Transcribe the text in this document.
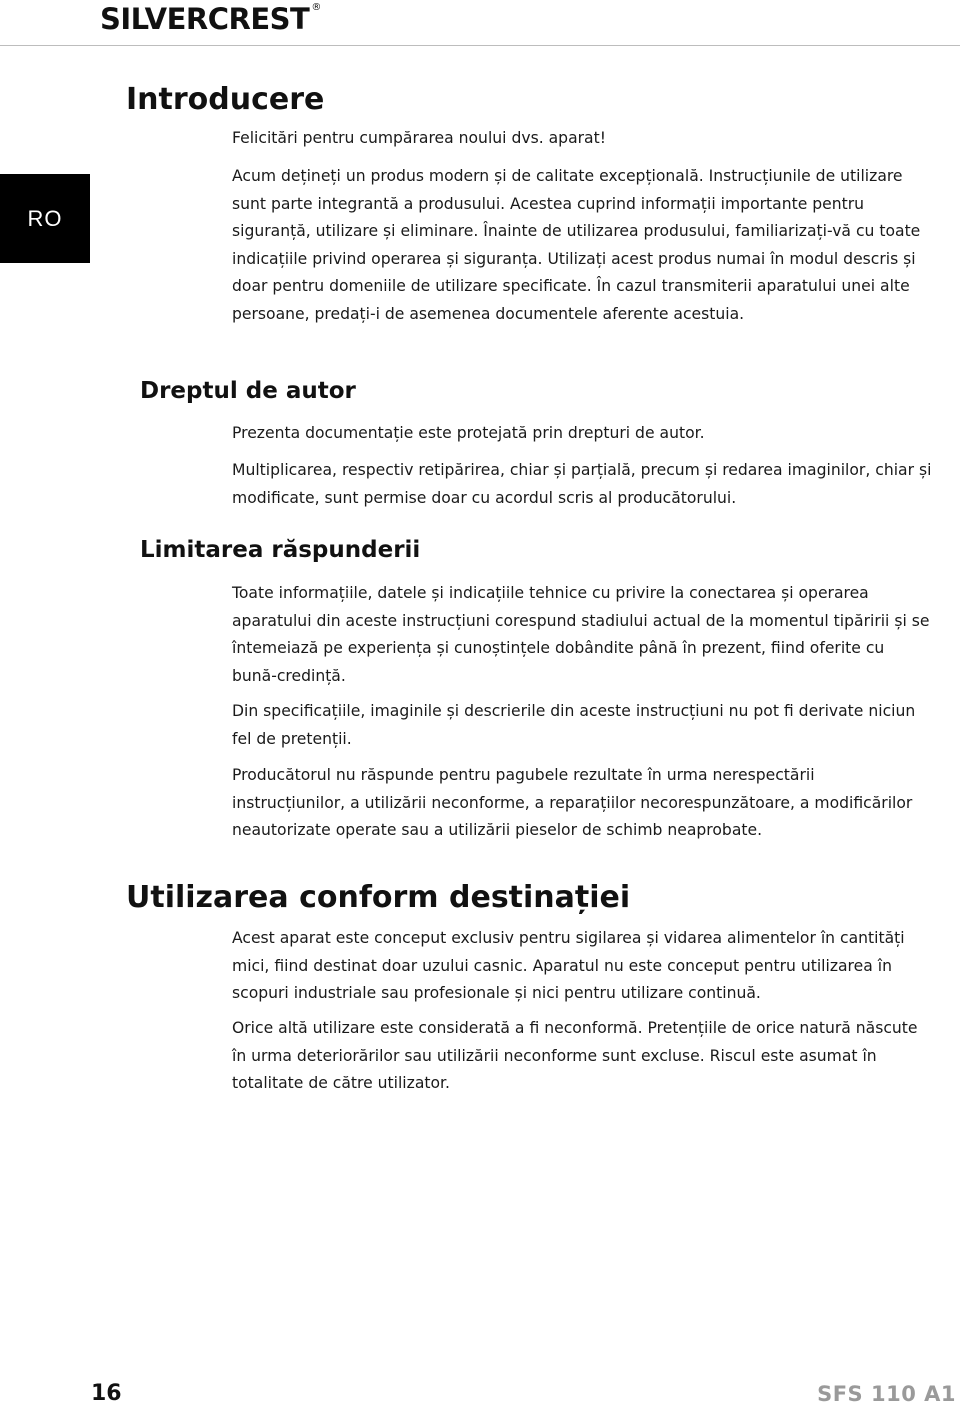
SILVERCREST ®
RO
Introducere

Felicitări pentru cumpărarea noului dvs. aparat!

Acum dețineți un produs modern și de calitate excepțională. Instrucțiunile de utilizare sunt parte integrantă a produsului. Acestea cuprind informații importante pentru siguranță, utilizare și eliminare. Înainte de utilizarea produsului, familiarizați-vă cu toate indicațiile privind operarea și siguranța. Utilizați acest produs numai în modul descris și doar pentru domeniile de utilizare specificate. În cazul transmiterii aparatului unei alte persoane, predați-i de asemenea documentele aferente acestuia.

Dreptul de autor

Prezenta documentație este protejată prin drepturi de autor.

Multiplicarea, respectiv retipărirea, chiar și parțială, precum și redarea imaginilor, chiar și modificate, sunt permise doar cu acordul scris al producătorului.

Limitarea răspunderii

Toate informațiile, datele și indicațiile tehnice cu privire la conectarea și operarea aparatului din aceste instrucțiuni corespund stadiului actual de la momentul tipăririi și se întemeiază pe experiența și cunoștințele dobândite până în prezent, fiind oferite cu bună-credință.

Din specificațiile, imaginile și descrierile din aceste instrucțiuni nu pot fi derivate niciun fel de pretenții.

Producătorul nu răspunde pentru pagubele rezultate în urma nerespectării instrucțiunilor, a utilizării neconforme, a reparațiilor necorespunzătoare, a modificărilor neautorizate operate sau a utilizării pieselor de schimb neaprobate.

Utilizarea conform destinației

Acest aparat este conceput exclusiv pentru sigilarea și vidarea alimentelor în cantități mici, fiind destinat doar uzului casnic. Aparatul nu este conceput pentru utilizarea în scopuri industriale sau profesionale și nici pentru utilizare continuă.

Orice altă utilizare este considerată a fi neconformă. Pretențiile de orice natură născute în urma deteriorărilor sau utilizării neconforme sunt excluse. Riscul este asumat în totalitate de către utilizator.

16	SFS 110 A1
